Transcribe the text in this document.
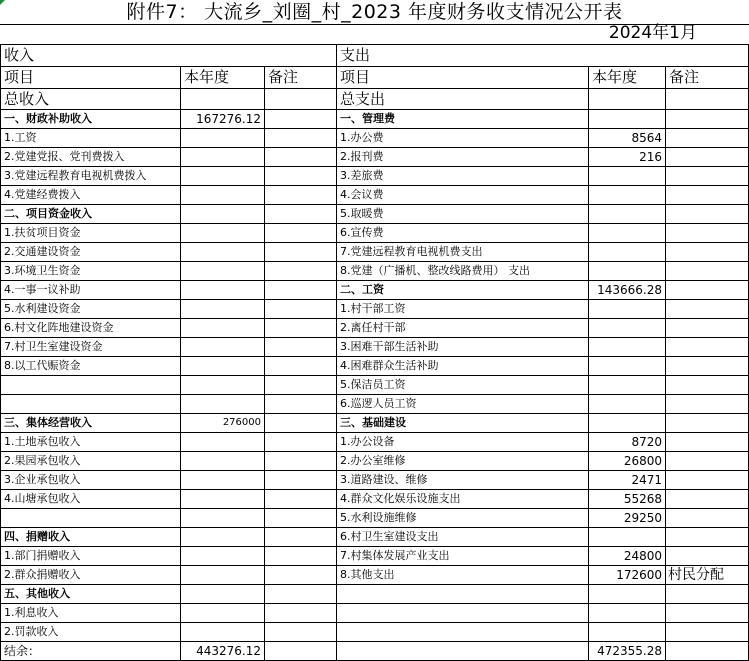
附件7： 大流乡_刘圈_村_2023 年度财务收支情况公开表
2024年1月
收入			支出		
项目	本年度	备注	项目	本年度	备注
总收入			总支出		
一、财政补助收入	167276.12		一、管理费		
1.工资			1.办公费	8564	
2.党建党报、党刊费拨入			2.报刊费	216	
3.党建远程教育电视机费拨入			3.差旅费		
4.党建经费拨入			4.会议费		
二、项目资金收入			5.取暖费		
1.扶贫项目资金			6.宣传费		
2.交通建设资金			7.党建远程教育电视机费支出		
3.环境卫生资金			8.党建（广播机、整改线路费用） 支出		
4.一事一议补助			二、工资	143666.28	
5.水利建设资金			1.村干部工资		
6.村文化阵地建设资金			2.离任村干部		
7.村卫生室建设资金			3.困难干部生活补助		
8.以工代赈资金			4.困难群众生活补助		
			5.保洁员工资		
			6.巡逻人员工资		
三、集体经营收入	276000		三、基础建设		
1.土地承包收入			1.办公设备	8720	
2.果园承包收入			2.办公室维修	26800	
3.企业承包收入			3.道路建设、维修	2471	
4.山塘承包收入			4.群众文化娱乐设施支出	55268	
			5.水利设施维修	29250	
四、捐赠收入			6.村卫生室建设支出		
1.部门捐赠收入			7.村集体发展产业支出	24800	
2.群众捐赠收入			8.其他支出	172600	村民分配
五、其他收入					
1.利息收入					
2.罚款收入					
结余：	443276.12			472355.28	
